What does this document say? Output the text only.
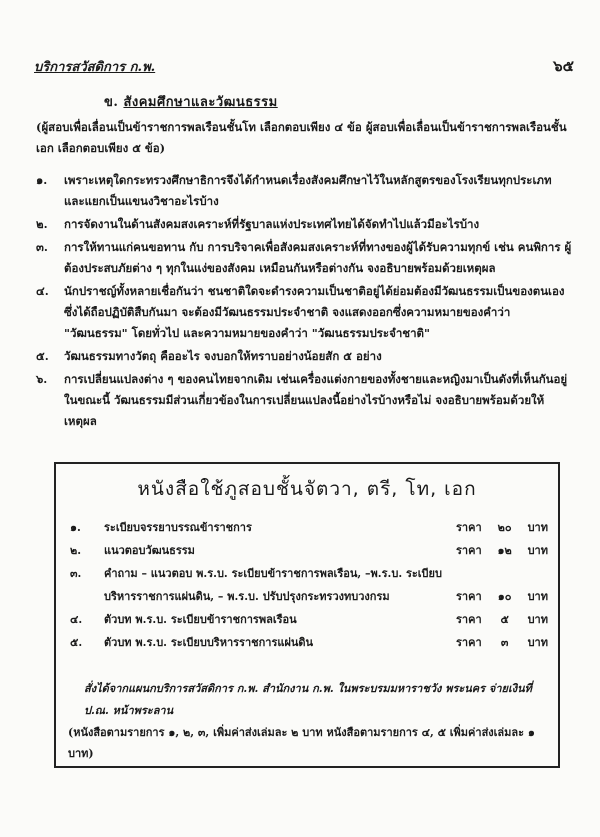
บริการสวัสดิการ ก.พ.	๖๕
ข. สังคมศึกษาและวัฒนธรรม
(ผู้สอบเพื่อเลื่อนเป็นข้าราชการพลเรือนชั้นโท เลือกตอบเพียง ๔ ข้อ ผู้สอบเพื่อเลื่อนเป็นข้าราชการพลเรือนชั้นเอก เลือกตอบเพียง ๕ ข้อ)
๑. เพราะเหตุใดกระทรวงศึกษาธิการจึงได้กำหนดเรื่องสังคมศึกษาไว้ในหลักสูตรของโรงเรียนทุกประเภท และแยกเป็นแขนงวิชาอะไรบ้าง
๒. การจัดงานในด้านสังคมสงเคราะห์ที่รัฐบาลแห่งประเทศไทยได้จัดทำไปแล้วมีอะไรบ้าง
๓. การให้ทานแก่คนขอทาน กับ การบริจาคเพื่อสังคมสงเคราะห์ที่ทางของผู้ได้รับความทุกข์ เช่น คนพิการ ผู้ต้องประสบภัยต่าง ๆ ทุกในแง่ของสังคม เหมือนกันหรือต่างกัน จงอธิบายพร้อมด้วยเหตุผล
๔. นักปราชญ์ทั้งหลายเชื่อกันว่า ชนชาติใดจะดำรงความเป็นชาติอยู่ได้ย่อมต้องมีวัฒนธรรมเป็นของตนเองซึ่งได้ถือปฏิบัติสืบกันมา จะต้องมีวัฒนธรรมประจำชาติ จงแสดงออกซึ่งความหมายของคำว่า "วัฒนธรรม" โดยทั่วไป และความหมายของคำว่า "วัฒนธรรมประจำชาติ"
๕. วัฒนธรรมทางวัตถุ คืออะไร จงบอกให้ทราบอย่างน้อยสัก ๕ อย่าง
๖. การเปลี่ยนแปลงต่าง ๆ ของคนไทยจากเดิม เช่นเครื่องแต่งกายของทั้งชายและหญิงมาเป็นดังที่เห็นกันอยู่ในขณะนี้ วัฒนธรรมมีส่วนเกี่ยวข้องในการเปลี่ยนแปลงนี้อย่างไรบ้างหรือไม่ จงอธิบายพร้อมด้วยให้เหตุผล
หนังสือใช้ภูสอบชั้นจัตวา, ตรี, โท, เอก
๑. ระเบียบจรรยาบรรณข้าราชการ	ราคา ๒๐ บาท
๒. แนวตอบวัฒนธรรม	ราคา ๑๒ บาท
๓. คำถาม – แนวตอบ พ.ร.บ. ระเบียบข้าราชการพลเรือน, –พ.ร.บ. ระเบียบ
บริหารราชการแผ่นดิน, – พ.ร.บ. ปรับปรุงกระทรวงทบวงกรม	ราคา ๑๐ บาท
๔. ตัวบท พ.ร.บ. ระเบียบข้าราชการพลเรือน	ราคา ๕ บาท
๕. ตัวบท พ.ร.บ. ระเบียบบริหารราชการแผ่นดิน	ราคา ๓ บาท
สั่งได้จากแผนกบริการสวัสดิการ ก.พ. สำนักงาน ก.พ. ในพระบรมมหาราชวัง พระนคร จ่ายเงินที่ ป.ณ. หน้าพระลาน
(หนังสือตามรายการ ๑, ๒, ๓, เพิ่มค่าส่งเล่มละ ๒ บาท หนังสือตามรายการ ๔, ๕ เพิ่มค่าส่งเล่มละ ๑ บาท)
